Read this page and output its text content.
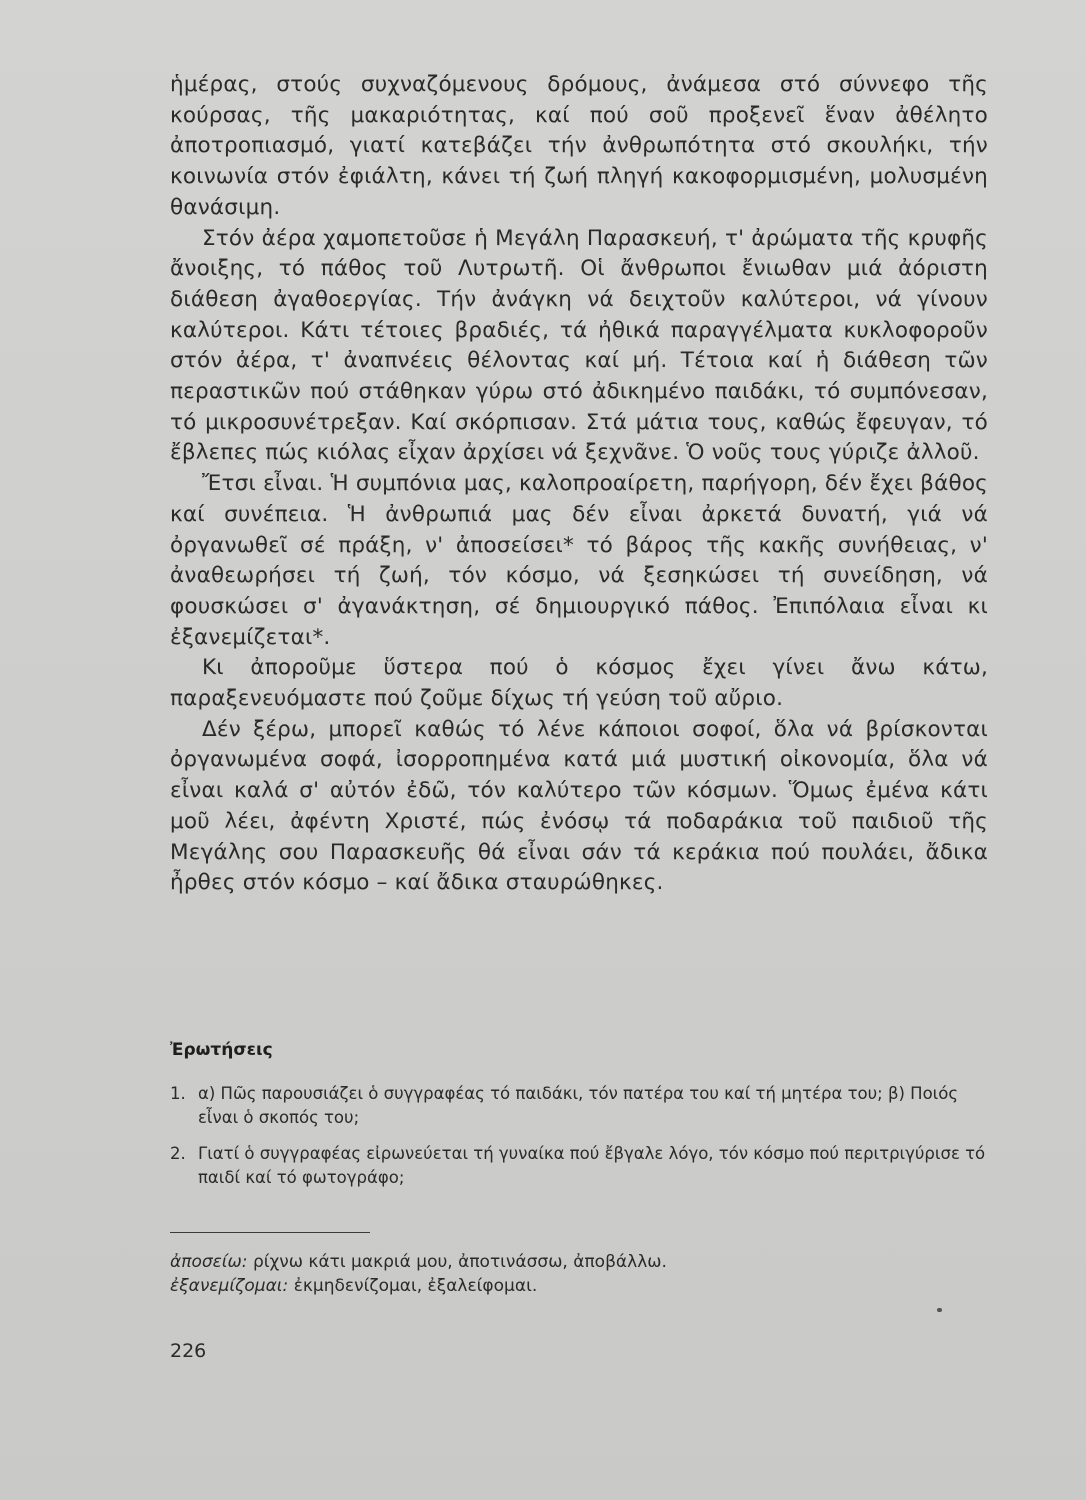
ἡμέρας, στούς συχναζόμενους δρόμους, ἀνάμεσα στό σύννεφο τῆς κούρσας, τῆς μακαριότητας, καί πού σοῦ προξενεῖ ἕναν ἀθέλητο ἀποτροπιασμό, γιατί κατεβάζει τήν ἀνθρωπότητα στό σκουλήκι, τήν κοινωνία στόν ἐφιάλτη, κάνει τή ζωή πληγή κακοφορμισμένη, μολυσμένη θανάσιμη.

Στόν ἀέρα χαμοπετοῦσε ἡ Μεγάλη Παρασκευή, τ' ἀρώματα τῆς κρυφῆς ἄνοιξης, τό πάθος τοῦ Λυτρωτῆ. Οἱ ἄνθρωποι ἔνιωθαν μιά ἀόριστη διάθεση ἀγαθοεργίας. Τήν ἀνάγκη νά δειχτοῦν καλύτεροι, νά γίνουν καλύτεροι. Κάτι τέτοιες βραδιές, τά ἠθικά παραγγέλματα κυκλοφοροῦν στόν ἀέρα, τ' ἀναπνέεις θέλοντας καί μή. Τέτοια καί ἡ διάθεση τῶν περαστικῶν πού στάθηκαν γύρω στό ἀδικημένο παιδάκι, τό συμπόνεσαν, τό μικροσυνέτρεξαν. Καί σκόρπισαν. Στά μάτια τους, καθώς ἔφευγαν, τό ἔβλεπες πώς κιόλας εἶχαν ἀρχίσει νά ξεχνᾶνε. Ὁ νοῦς τους γύριζε ἀλλοῦ.

Ἔτσι εἶναι. Ἡ συμπόνια μας, καλοπροαίρετη, παρήγορη, δέν ἔχει βάθος καί συνέπεια. Ἡ ἀνθρωπιά μας δέν εἶναι ἀρκετά δυνατή, γιά νά ὀργανωθεῖ σέ πράξη, ν' ἀποσείσει* τό βάρος τῆς κακῆς συνήθειας, ν' ἀναθεωρήσει τή ζωή, τόν κόσμο, νά ξεσηκώσει τή συνείδηση, νά φουσκώσει σ' ἀγανάκτηση, σέ δημιουργικό πάθος. Ἐπιπόλαια εἶναι κι ἐξανεμίζεται*.

Κι ἀποροῦμε ὕστερα πού ὁ κόσμος ἔχει γίνει ἄνω κάτω, παραξενευόμαστε πού ζοῦμε δίχως τή γεύση τοῦ αὔριο.

Δέν ξέρω, μπορεῖ καθώς τό λένε κάποιοι σοφοί, ὅλα νά βρίσκονται ὀργανωμένα σοφά, ἰσορροπημένα κατά μιά μυστική οἰκονομία, ὅλα νά εἶναι καλά σ' αὐτόν ἐδῶ, τόν καλύτερο τῶν κόσμων. Ὅμως ἐμένα κάτι μοῦ λέει, ἀφέντη Χριστέ, πώς ἐνόσῳ τά ποδαράκια τοῦ παιδιοῦ τῆς Μεγάλης σου Παρασκευῆς θά εἶναι σάν τά κεράκια πού πουλάει, ἄδικα ἦρθες στόν κόσμο – καί ἄδικα σταυρώθηκες.

Ἐρωτήσεις
1. α) Πῶς παρουσιάζει ὁ συγγραφέας τό παιδάκι, τόν πατέρα του καί τή μητέρα του; β) Ποιός εἶναι ὁ σκοπός του;
2. Γιατί ὁ συγγραφέας εἰρωνεύεται τή γυναίκα πού ἔβγαλε λόγο, τόν κόσμο πού περιτριγύρισε τό παιδί καί τό φωτογράφο;
ἀποσείω: ρίχνω κάτι μακριά μου, ἀποτινάσσω, ἀποβάλλω.
ἐξανεμίζομαι: ἐκμηδενίζομαι, ἐξαλείφομαι.
226
